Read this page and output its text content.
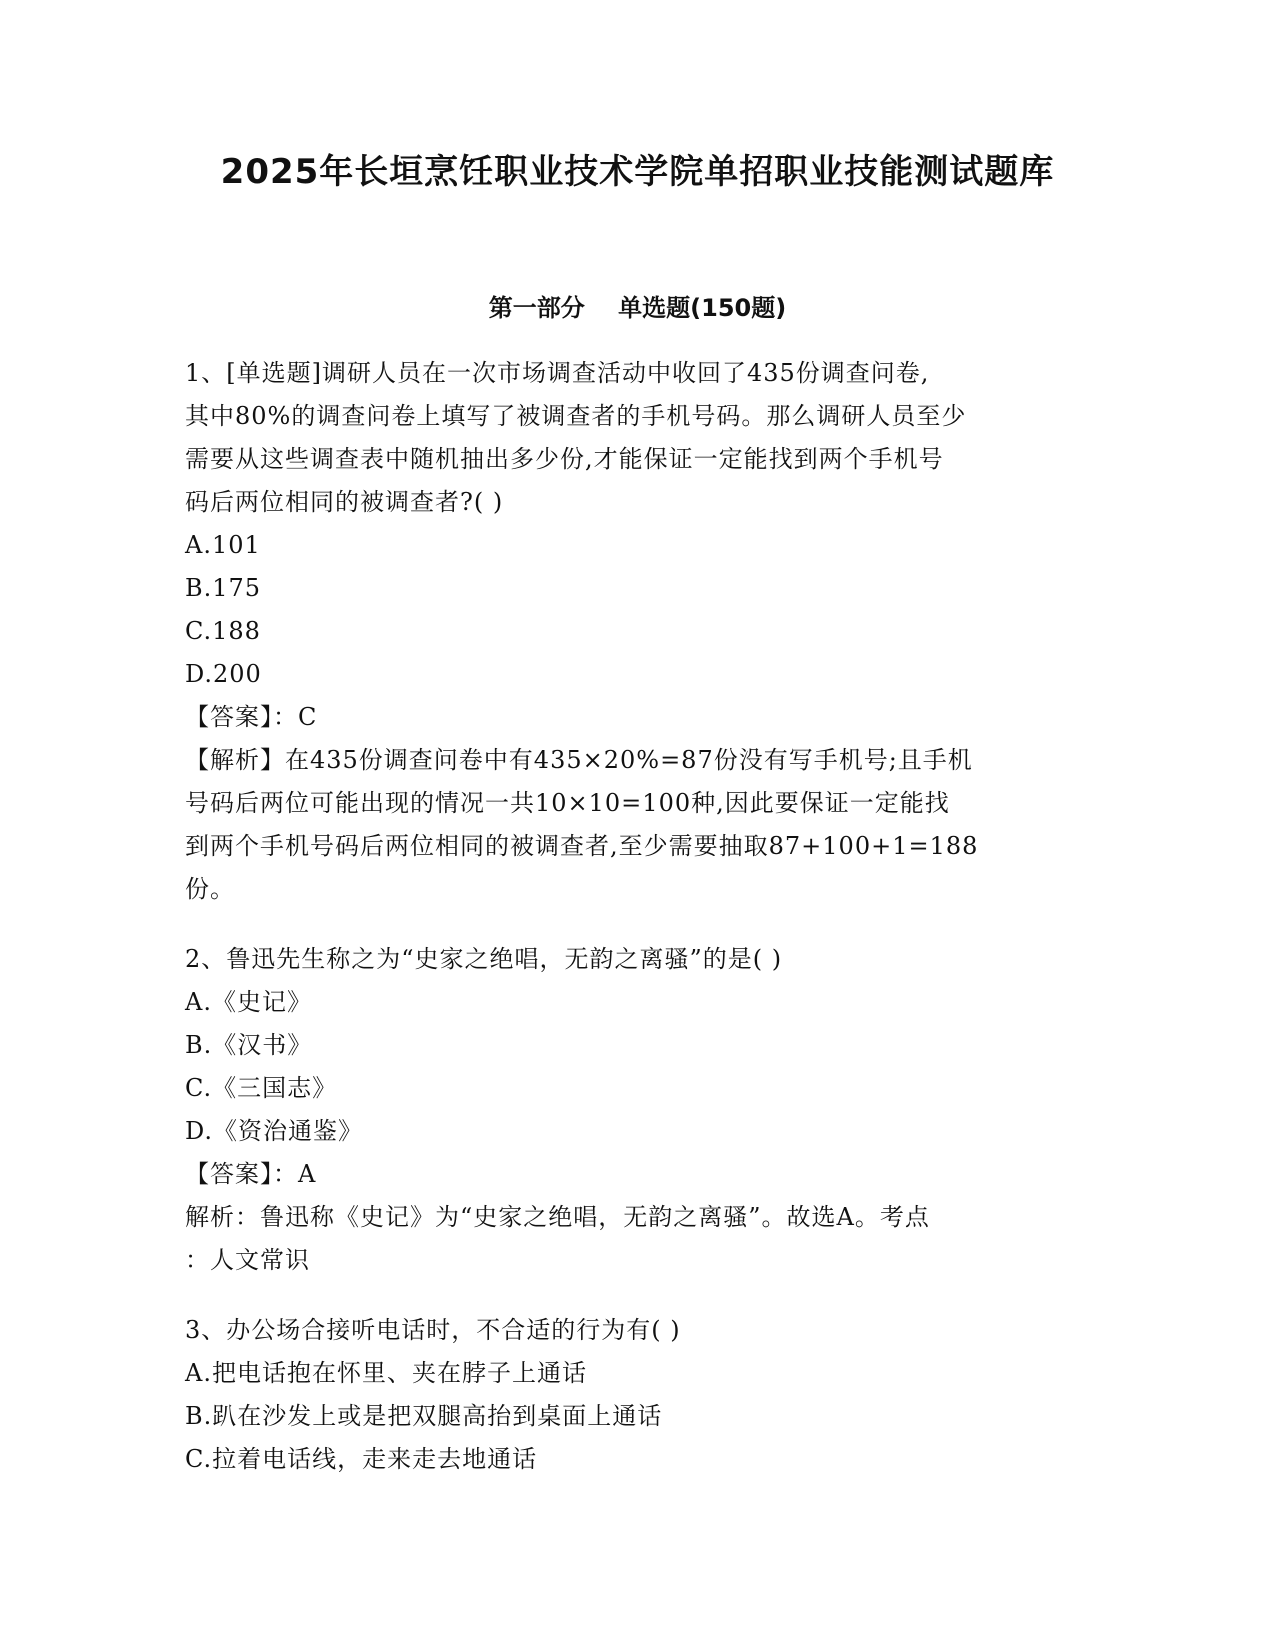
2025年长垣烹饪职业技术学院单招职业技能测试题库
第一部分    单选题(150题)
1、[单选题]调研人员在一次市场调查活动中收回了435份调查问卷,
其中80%的调查问卷上填写了被调查者的手机号码。那么调研人员至少
需要从这些调查表中随机抽出多少份,才能保证一定能找到两个手机号
码后两位相同的被调查者?( )
A.101
B.175
C.188
D.200
【答案】：C
【解析】在435份调查问卷中有435×20%=87份没有写手机号;且手机
号码后两位可能出现的情况一共10×10=100种,因此要保证一定能找
到两个手机号码后两位相同的被调查者,至少需要抽取87+100+1=188
份。
2、鲁迅先生称之为“史家之绝唱，无韵之离骚”的是( )
A.《史记》
B.《汉书》
C.《三国志》
D.《资治通鉴》
【答案】：A
解析：鲁迅称《史记》为“史家之绝唱，无韵之离骚”。故选A。考点
：人文常识
3、办公场合接听电话时，不合适的行为有( )
A.把电话抱在怀里、夹在脖子上通话
B.趴在沙发上或是把双腿高抬到桌面上通话
C.拉着电话线，走来走去地通话
